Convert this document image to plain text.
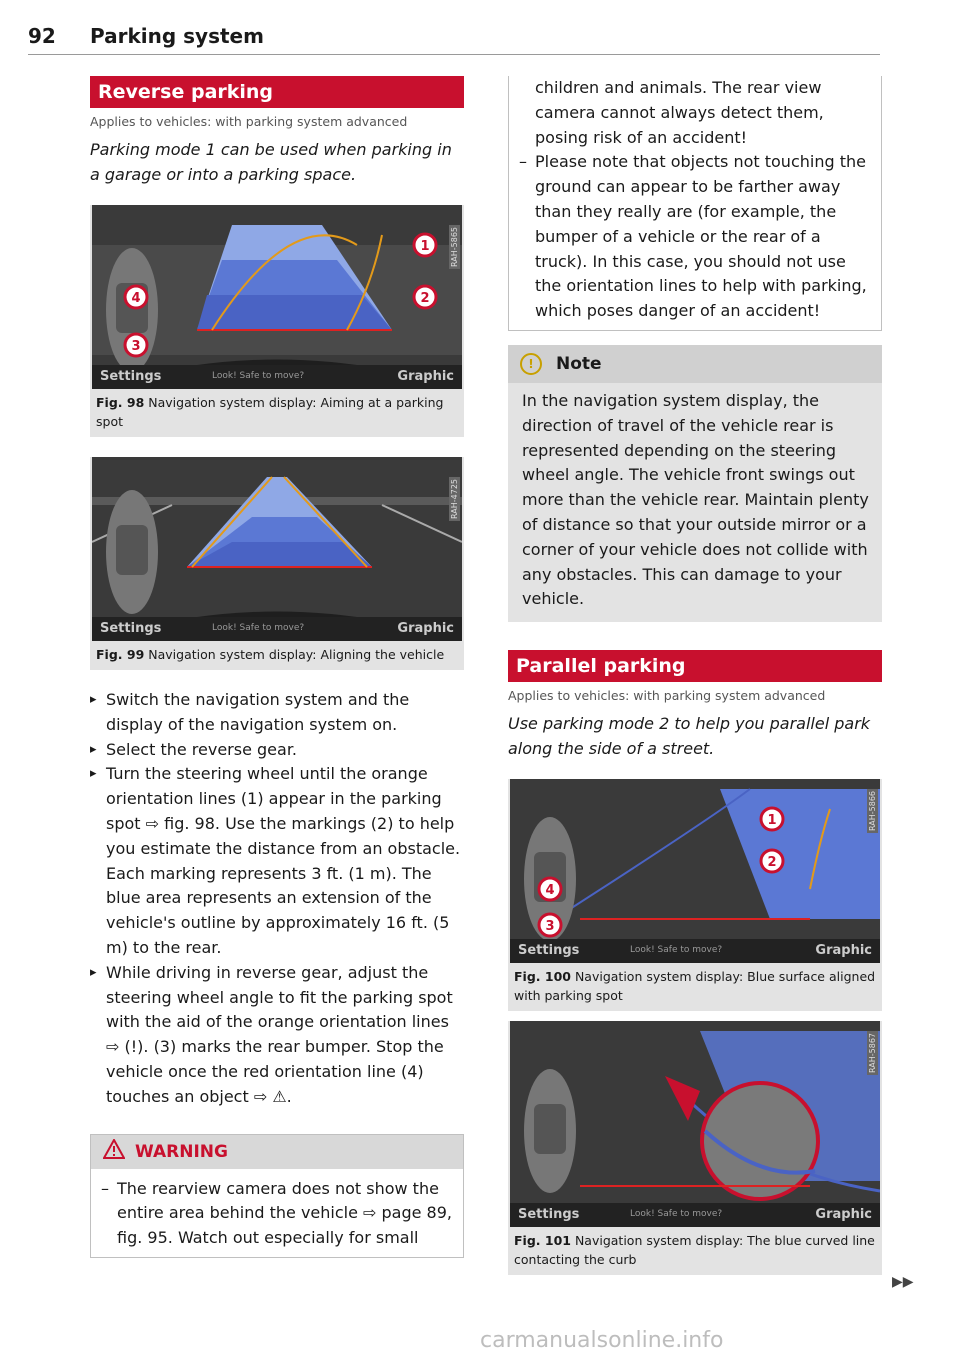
92 Parking system
Reverse parking
Applies to vehicles: with parking system advanced

Parking mode 1 can be used when parking in a garage or into a parking space.

1
2
4
3
Settings	Look! Safe to move?	Graphic
RAH-5865
Fig. 98 Navigation system display: Aiming at a parking spot
Settings	Look! Safe to move?	Graphic
RAH-4725
Fig. 99 Navigation system display: Aligning the vehicle
▸ Switch the navigation system and the display of the navigation system on.
▸ Select the reverse gear.
▸ Turn the steering wheel until the orange orientation lines (1) appear in the parking spot ⇨ fig. 98. Use the markings (2) to help you estimate the distance from an obstacle. Each marking represents 3 ft. (1 m). The blue area represents an extension of the vehicle's outline by approximately 16 ft. (5 m) to the rear.
▸ While driving in reverse gear, adjust the steering wheel angle to fit the parking spot with the aid of the orange orientation lines ⇨ (!). (3) marks the rear bumper. Stop the vehicle once the red orientation line (4) touches an object ⇨ ⚠.
WARNING
– The rearview camera does not show the entire area behind the vehicle ⇨ page 89, fig. 95. Watch out especially for small
children and animals. The rear view camera cannot always detect them, posing risk of an accident!
– Please note that objects not touching the ground can appear to be farther away than they really are (for example, the bumper of a vehicle or the rear of a truck). In this case, you should not use the orientation lines to help with parking, which poses danger of an accident!
!	Note
In the navigation system display, the direction of travel of the vehicle rear is represented depending on the steering wheel angle. The vehicle front swings out more than the vehicle rear. Maintain plenty of distance so that your outside mirror or a corner of your vehicle does not collide with any obstacles. This can damage to your vehicle.
Parallel parking
Applies to vehicles: with parking system advanced

Use parking mode 2 to help you parallel park along the side of a street.

1
2
4
3
Settings	Look! Safe to move?	Graphic
RAH-5866
Fig. 100 Navigation system display: Blue surface aligned with parking spot
Settings	Look! Safe to move?	Graphic
RAH-5867
Fig. 101 Navigation system display: The blue curved line contacting the curb
▶▶
carmanualsonline.info
